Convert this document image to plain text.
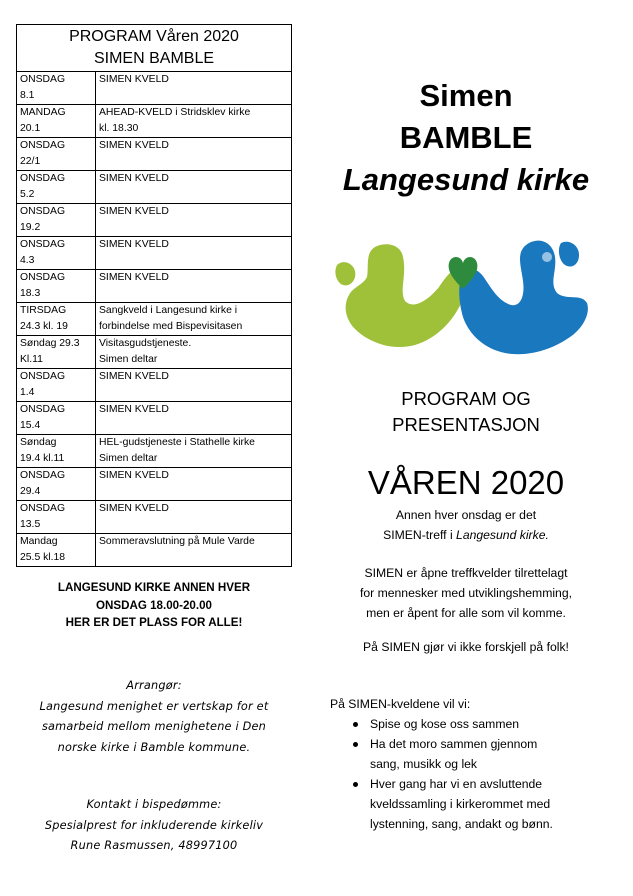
PROGRAM Våren 2020
SIMEN BAMBLE	

ONSDAG
8.1	SIMEN KVELD

MANDAG
20.1	AHEAD-KVELD i Stridsklev kirke
kl. 18.30

ONSDAG
22/1	SIMEN KVELD

ONSDAG
5.2	SIMEN KVELD

ONSDAG
19.2	SIMEN KVELD

ONSDAG
4.3	SIMEN KVELD

ONSDAG
18.3	SIMEN KVELD

TIRSDAG
24.3 kl. 19	Sangkveld i Langesund kirke i
forbindelse med Bispevisitasen

Søndag 29.3
Kl.11	Visitasgudstjeneste.
Simen deltar

ONSDAG
1.4	SIMEN KVELD

ONSDAG
15.4	SIMEN KVELD

Søndag
19.4 kl.11	HEL-gudstjeneste i Stathelle kirke
Simen deltar

ONSDAG
29.4	SIMEN KVELD

ONSDAG
13.5	SIMEN KVELD

Mandag
25.5 kl.18	Sommeravslutning på Mule Varde
LANGESUND KIRKE ANNEN HVER
ONSDAG 18.00-20.00
HER ER DET PLASS FOR ALLE!
Arrangør:
Langesund menighet er vertskap for et
samarbeid mellom menighetene i Den
norske kirke i Bamble kommune.
Kontakt i bispedømme:
Spesialprest for inkluderende kirkeliv
Rune Rasmussen, 48997100
Simen
BAMBLE
Langesund kirke
PROGRAM OG
PRESENTASJON
VÅREN 2020
Annen hver onsdag er det
SIMEN-treff i Langesund kirke.
SIMEN er åpne treffkvelder tilrettelagt
for mennesker med utviklingshemming,
men er åpent for alle som vil komme.
På SIMEN gjør vi ikke forskjell på folk!
På SIMEN-kveldene vil vi:
Spise og kose oss sammen
Ha det moro sammen gjennom
sang, musikk og lek
Hver gang har vi en avsluttende
kveldssamling i kirkerommet med
lystenning, sang, andakt og bønn.
